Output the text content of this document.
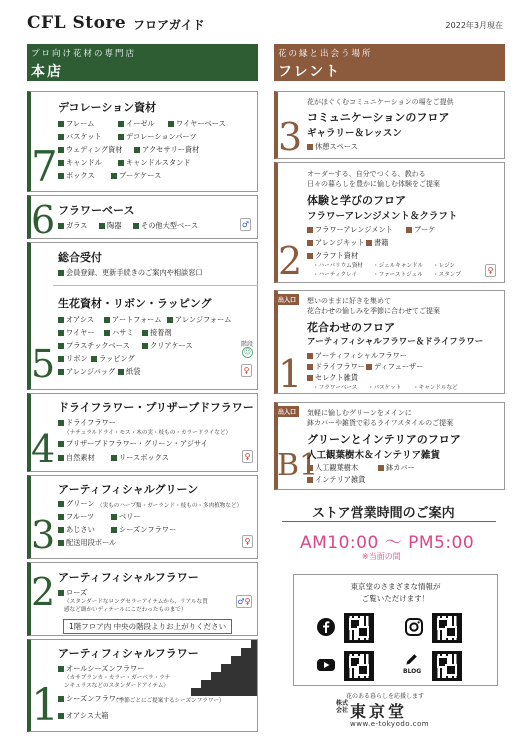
CFL Store フロアガイド	2022年3月現在
プロ向け花材の専門店
本店
花の縁と出会う場所
フレント
7
デコレーション資材
フレーム	イーゼル	ワイヤーベース
バスケット	デコレーションパーツ
ウェディング資材	アクセサリー資材
キャンドル	キャンドルスタンド
ボックス	ブーケケース
6 フラワーベース
ガラス	陶器	その他大型ベース	♂
総合受付
会員登録、更新手続きのご案内や相談窓口
5
生花資材・リボン・ラッピング
オアシス	アートフォーム	アレンジフォーム
ワイヤー	ハサミ	接着剤
プラスチックベース	クリアケース
リボン	ラッピング
アレンジバッグ	紙袋
階段
☺
♀
4
ドライフラワー・プリザーブドフラワー
ドライフラワー
（ナチュラルドライ・モス・木の実・枝もの・カラードライなど）
プリザーブドフラワー・グリーン・アジサイ
自然素材	リースボックス	♀
3
アーティフィシャルグリーン
グリーン （実ものハーブ類・ガーランド・枝もの・多肉植物など）
フルーツ	ベリー
あじさい	シーズンフラワー
配送用段ボール	♀
2 アーティフィシャルフラワー
ローズ
（スタンダードなロングセラーアイテムから、リアルな質感など細かいディテールにこだわったものまで）
♂♀
1階フロア内 中央の階段よりお上がりください
1
アーティフィシャルフラワー
オールシーズンフラワー
（カサブランカ・カラー・ガーベラ・ラナンキュラスなどのスタンダードアイテム）
シーズンフラワー
（季節ごとにご提案するシーズンフラワー）
オアシス大箱
3
花がほぐくむコミュニケーションの場をご提供
コミュニケーションのフロア
ギャラリー＆レッスン
休憩スペース
2
オーダーする、自分でつくる、教わる
日々の暮らしを豊かに愉しむ体験をご提案
体験と学びのフロア
フラワーアレンジメント＆クラフト
フラワーアレンジメント	ブーケ
アレンジキット	書籍
クラフト資材
・ハーバリウム資材 ・ジェルキャンドル ・レジン
・ハーティクレイ	・ファーストジェル ・スタンプ	♀
出入口
1
想いのままに好きを集めて
花合わせの愉しみを季節に合わせてご提案
花合わせのフロア
アーティフィシャルフラワー＆ドライフラワー
アーティフィシャルフラワー
ドライフラワー	ディフューザー
セレクト雑貨
・フラワーベース ・バスケット ・キャンドルなど
出入口
B1
気軽に愉しむグリーンをメインに
鉢カバーや雑貨で彩るライフスタイルのご提案
グリーンとインテリアのフロア
人工観葉樹木＆インテリア雑貨
人工観葉樹木	鉢カバー
インテリア雑貨
ストア営業時間のご案内
AM10:00 ～ PM5:00
※当面の間
東京堂のさまざまな情報が
ご覧いただけます！
BLOG
花のある暮らしを応援します
株式会社 東京堂
www.e-tokyodo.com
